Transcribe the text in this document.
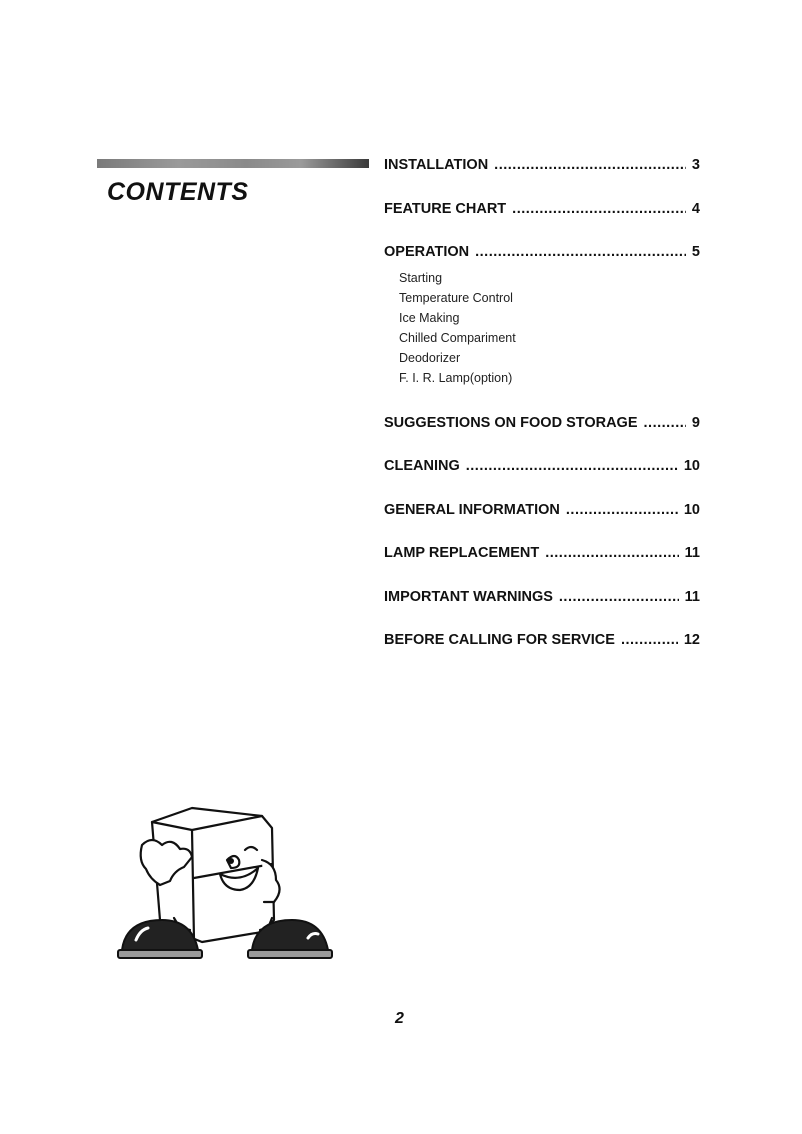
CONTENTS
INSTALLATION .....	3
FEATURE CHART .....	4
OPERATION .....	5
Starting
Temperature Control
Ice Making
Chilled Compariment
Deodorizer
F. I. R. Lamp(option)
SUGGESTIONS ON FOOD STORAGE .....	9
CLEANING .....	10
GENERAL INFORMATION .....	10
LAMP REPLACEMENT .....	11
IMPORTANT WARNINGS .....	11
BEFORE CALLING FOR SERVICE .....	12
2
